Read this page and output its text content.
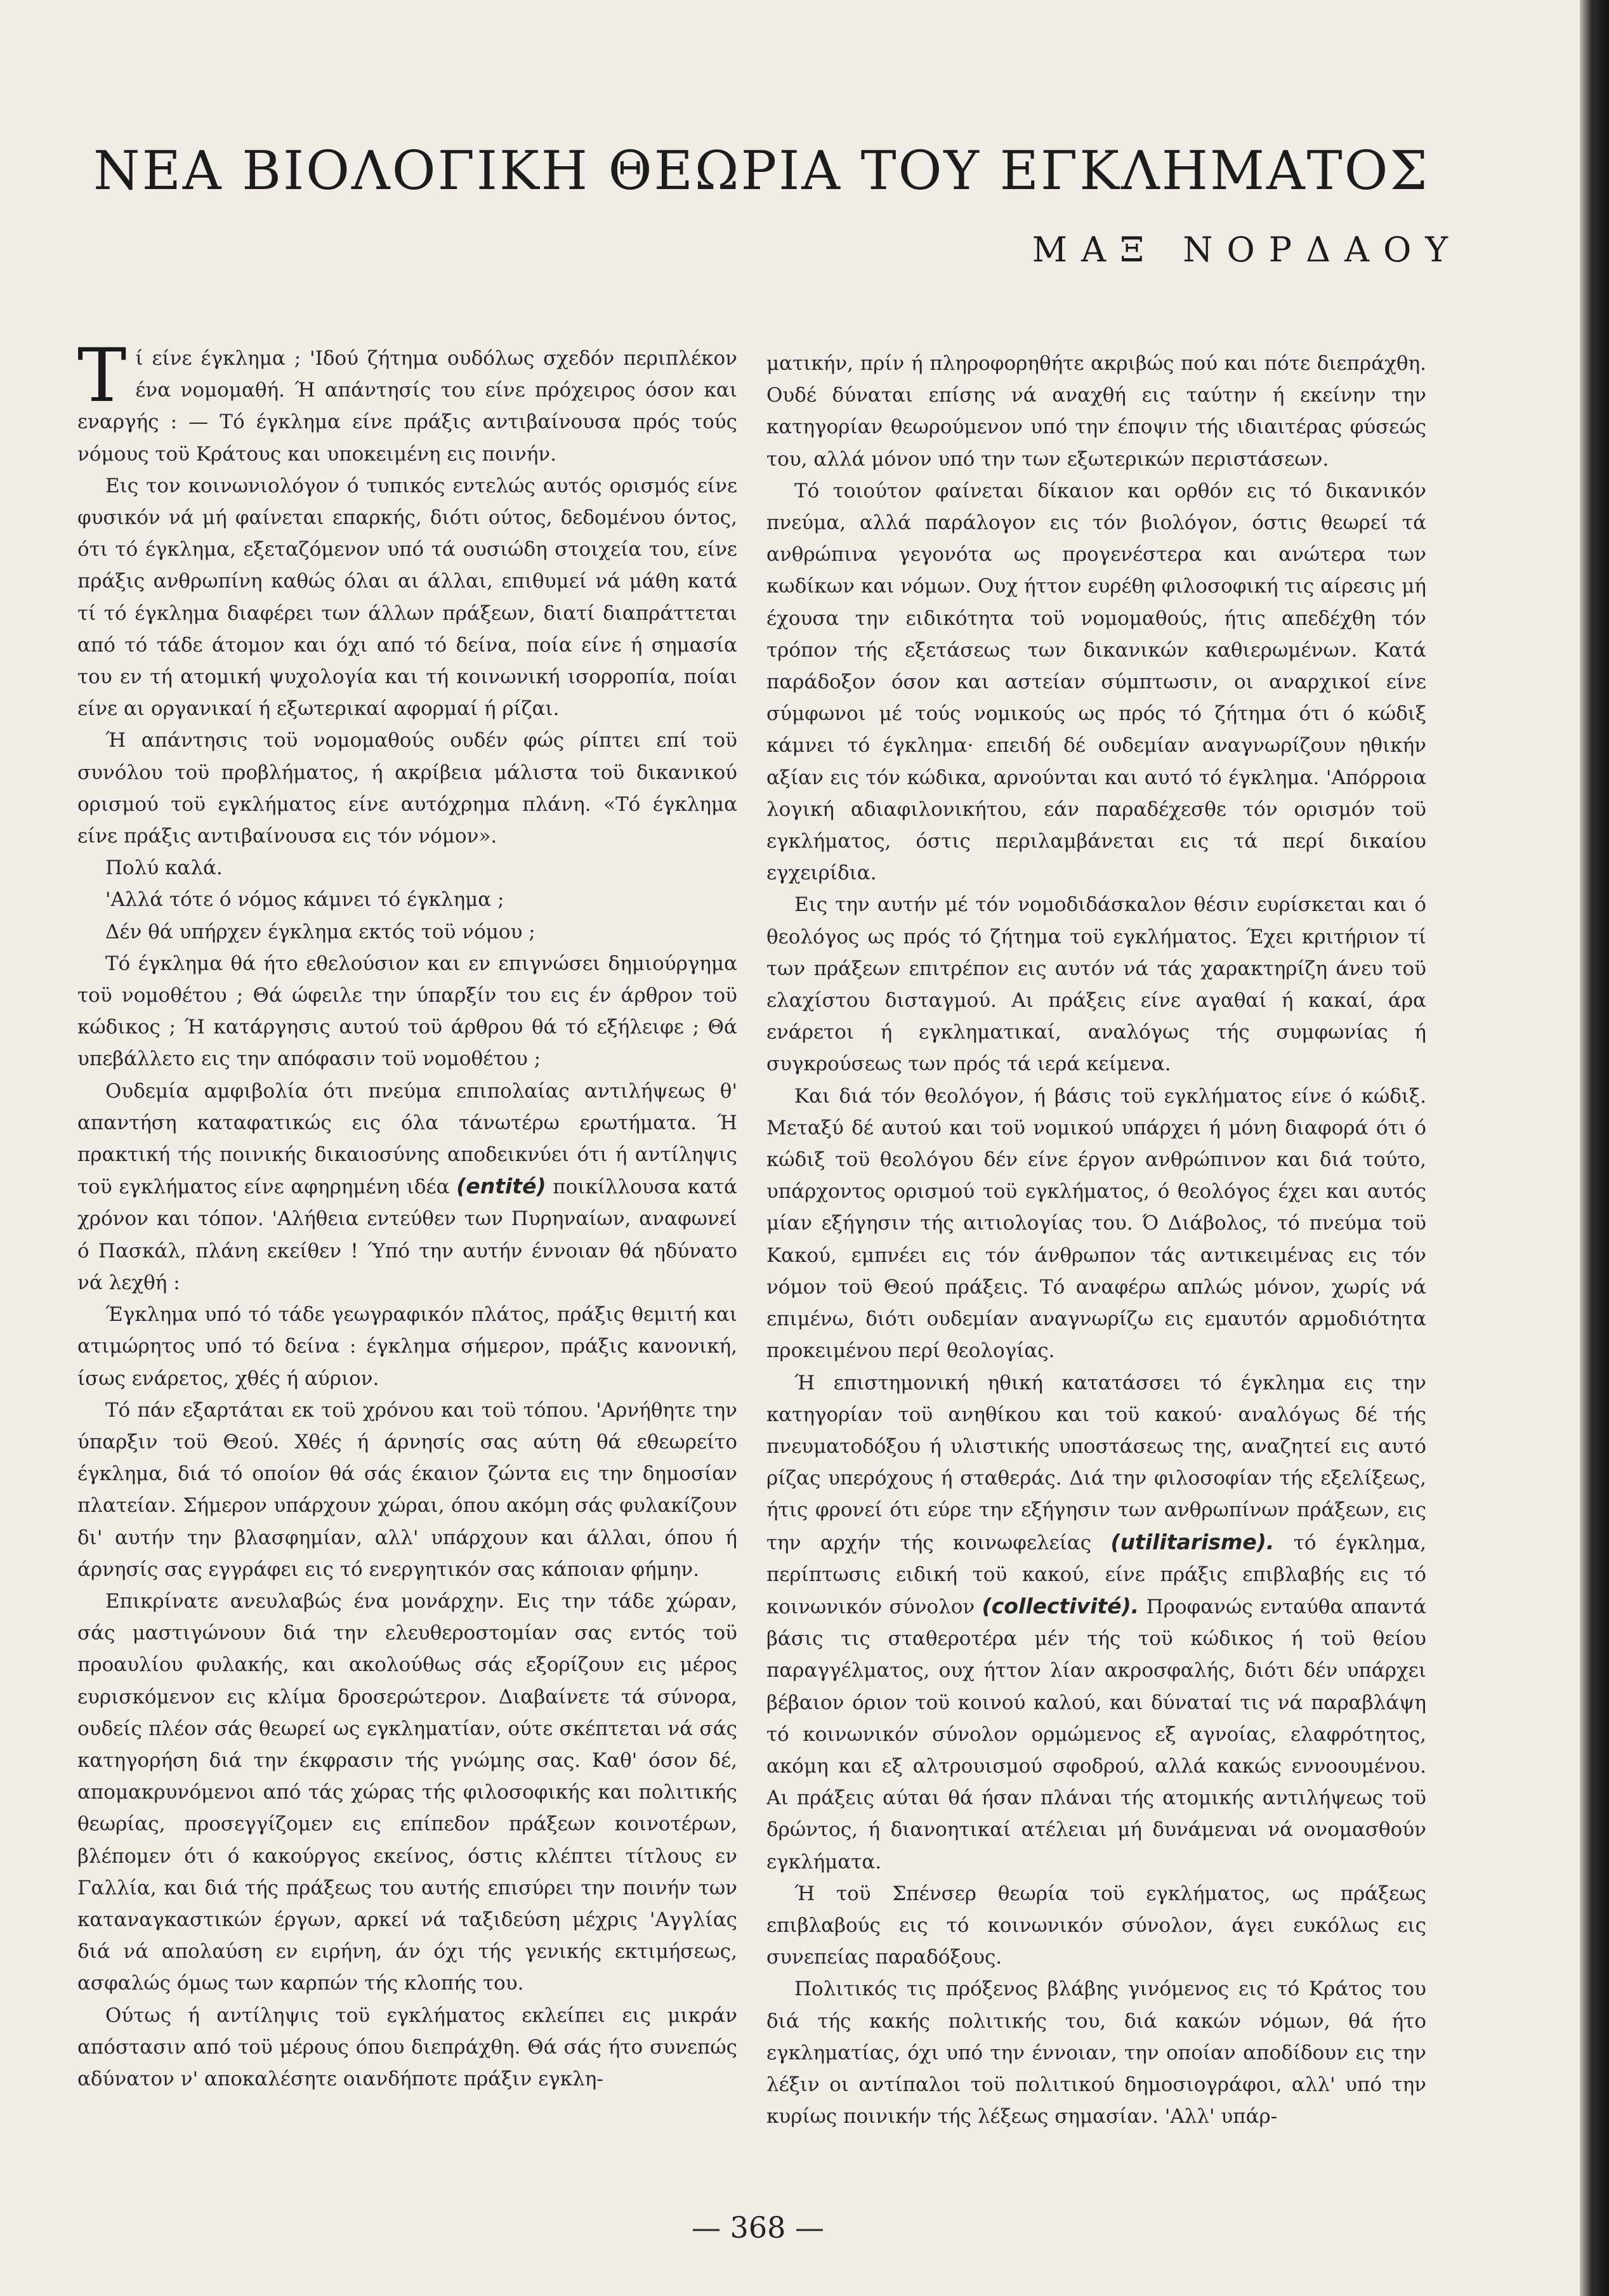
ΝΕΑ ΒΙΟΛΟΓΙΚΗ ΘΕΩΡΙΑ ΤΟΥ ΕΓΚΛΗΜΑΤΟΣ
ΜΑΞ ΝΟΡΔΑΟΥ

Τί είνε έγκλημα ; 'Ιδού ζήτημα ουδόλως σχεδόν περιπλέκον ένα νομομαθή. Ή απάντησίς του είνε πρόχειρος όσον και εναργής : — Τό έγκλημα είνε πράξις αντιβαίνουσα πρός τούς νόμους τοϋ Κράτους και υποκειμένη εις ποινήν.

Εις τον κοινωνιολόγον ό τυπικός εντελώς αυτός ορισμός είνε φυσικόν νά μή φαίνεται επαρκής, διότι ούτος, δεδομένου όντος, ότι τό έγκλημα, εξεταζόμενον υπό τά ουσιώδη στοιχεία του, είνε πράξις ανθρωπίνη καθώς όλαι αι άλλαι, επιθυμεί νά μάθη κατά τί τό έγκλημα διαφέρει των άλλων πράξεων, διατί διαπράττεται από τό τάδε άτομον και όχι από τό δείνα, ποία είνε ή σημασία του εν τή ατομική ψυχολογία και τή κοινωνική ισορροπία, ποίαι είνε αι οργανικαί ή εξωτερικαί αφορμαί ή ρίζαι.

Ή απάντησις τοϋ νομομαθούς ουδέν φώς ρίπτει επί τοϋ συνόλου τοϋ προβλήματος, ή ακρίβεια μάλιστα τοϋ δικανικού ορισμού τοϋ εγκλήματος είνε αυτόχρημα πλάνη. «Τό έγκλημα είνε πράξις αντιβαίνουσα εις τόν νόμον».

Πολύ καλά.

'Αλλά τότε ό νόμος κάμνει τό έγκλημα ;

Δέν θά υπήρχεν έγκλημα εκτός τοϋ νόμου ;

Τό έγκλημα θά ήτο εθελούσιον και εν επιγνώσει δημιούργημα τοϋ νομοθέτου ; Θά ώφειλε την ύπαρξίν του εις έν άρθρον τοϋ κώδικος ; Ή κατάργησις αυτού τοϋ άρθρου θά τό εξήλειφε ; Θά υπεβάλλετο εις την απόφασιν τοϋ νομοθέτου ;

Ουδεμία αμφιβολία ότι πνεύμα επιπολαίας αντιλήψεως θ' απαντήση καταφατικώς εις όλα τάνωτέρω ερωτήματα. Ή πρακτική τής ποινικής δικαιοσύνης αποδεικνύει ότι ή αντίληψις τοϋ εγκλήματος είνε αφηρημένη ιδέα (entité) ποικίλλουσα κατά χρόνον και τόπον. 'Αλήθεια εντεύθεν των Πυρηναίων, αναφωνεί ό Πασκάλ, πλάνη εκείθεν ! Ύπό την αυτήν έννοιαν θά ηδύνατο νά λεχθή :

Έγκλημα υπό τό τάδε γεωγραφικόν πλάτος, πράξις θεμιτή και ατιμώρητος υπό τό δείνα : έγκλημα σήμερον, πράξις κανονική, ίσως ενάρετος, χθές ή αύριον.

Τό πάν εξαρτάται εκ τοϋ χρόνου και τοϋ τόπου. 'Αρνήθητε την ύπαρξιν τοϋ Θεού. Χθές ή άρνησίς σας αύτη θά εθεωρείτο έγκλημα, διά τό οποίον θά σάς έκαιον ζώντα εις την δημοσίαν πλατείαν. Σήμερον υπάρχουν χώραι, όπου ακόμη σάς φυλακίζουν δι' αυτήν την βλασφημίαν, αλλ' υπάρχουν και άλλαι, όπου ή άρνησίς σας εγγράφει εις τό ενεργητικόν σας κάποιαν φήμην.

Επικρίνατε ανευλαβώς ένα μονάρχην. Εις την τάδε χώραν, σάς μαστιγώνουν διά την ελευθεροστομίαν σας εντός τοϋ προαυλίου φυλακής, και ακολούθως σάς εξορίζουν εις μέρος ευρισκόμενον εις κλίμα δροσερώτερον. Διαβαίνετε τά σύνορα, ουδείς πλέον σάς θεωρεί ως εγκληματίαν, ούτε σκέπτεται νά σάς κατηγορήση διά την έκφρασιν τής γνώμης σας. Καθ' όσον δέ, απομακρυνόμενοι από τάς χώρας τής φιλοσοφικής και πολιτικής θεωρίας, προσεγγίζομεν εις επίπεδον πράξεων κοινοτέρων, βλέπομεν ότι ό κακούργος εκείνος, όστις κλέπτει τίτλους εν Γαλλία, και διά τής πράξεως του αυτής επισύρει την ποινήν των καταναγκαστικών έργων, αρκεί νά ταξιδεύση μέχρις 'Αγγλίας διά νά απολαύση εν ειρήνη, άν όχι τής γενικής εκτιμήσεως, ασφαλώς όμως των καρπών τής κλοπής του.

Ούτως ή αντίληψις τοϋ εγκλήματος εκλείπει εις μικράν απόστασιν από τοϋ μέρους όπου διεπράχθη. Θά σάς ήτο συνεπώς αδύνατον ν' αποκαλέσητε οιανδήποτε πράξιν εγκλη-

ματικήν, πρίν ή πληροφορηθήτε ακριβώς πού και πότε διεπράχθη. Ουδέ δύναται επίσης νά αναχθή εις ταύτην ή εκείνην την κατηγορίαν θεωρούμενον υπό την έποψιν τής ιδιαιτέρας φύσεώς του, αλλά μόνον υπό την των εξωτερικών περιστάσεων.

Τό τοιούτον φαίνεται δίκαιον και ορθόν εις τό δικανικόν πνεύμα, αλλά παράλογον εις τόν βιολόγον, όστις θεωρεί τά ανθρώπινα γεγονότα ως προγενέστερα και ανώτερα των κωδίκων και νόμων. Ουχ ήττον ευρέθη φιλοσοφική τις αίρεσις μή έχουσα την ειδικότητα τοϋ νομομαθούς, ήτις απεδέχθη τόν τρόπον τής εξετάσεως των δικανικών καθιερωμένων. Κατά παράδοξον όσον και αστείαν σύμπτωσιν, οι αναρχικοί είνε σύμφωνοι μέ τούς νομικούς ως πρός τό ζήτημα ότι ό κώδιξ κάμνει τό έγκλημα· επειδή δέ ουδεμίαν αναγνωρίζουν ηθικήν αξίαν εις τόν κώδικα, αρνούνται και αυτό τό έγκλημα. 'Απόρροια λογική αδιαφιλονικήτου, εάν παραδέχεσθε τόν ορισμόν τοϋ εγκλήματος, όστις περιλαμβάνεται εις τά περί δικαίου εγχειρίδια.

Εις την αυτήν μέ τόν νομοδιδάσκαλον θέσιν ευρίσκεται και ό θεολόγος ως πρός τό ζήτημα τοϋ εγκλήματος. Έχει κριτήριον τί των πράξεων επιτρέπον εις αυτόν νά τάς χαρακτηρίζη άνευ τοϋ ελαχίστου δισταγμού. Αι πράξεις είνε αγαθαί ή κακαί, άρα ενάρετοι ή εγκληματικαί, αναλόγως τής συμφωνίας ή συγκρούσεως των πρός τά ιερά κείμενα.

Και διά τόν θεολόγον, ή βάσις τοϋ εγκλήματος είνε ό κώδιξ. Μεταξύ δέ αυτού και τοϋ νομικού υπάρχει ή μόνη διαφορά ότι ό κώδιξ τοϋ θεολόγου δέν είνε έργον ανθρώπινον και διά τούτο, υπάρχοντος ορισμού τοϋ εγκλήματος, ό θεολόγος έχει και αυτός μίαν εξήγησιν τής αιτιολογίας του. Ό Διάβολος, τό πνεύμα τοϋ Κακού, εμπνέει εις τόν άνθρωπον τάς αντικειμένας εις τόν νόμον τοϋ Θεού πράξεις. Τό αναφέρω απλώς μόνον, χωρίς νά επιμένω, διότι ουδεμίαν αναγνωρίζω εις εμαυτόν αρμοδιότητα προκειμένου περί θεολογίας.

Ή επιστημονική ηθική κατατάσσει τό έγκλημα εις την κατηγορίαν τοϋ ανηθίκου και τοϋ κακού· αναλόγως δέ τής πνευματοδόξου ή υλιστικής υποστάσεως της, αναζητεί εις αυτό ρίζας υπερόχους ή σταθεράς. Διά την φιλοσοφίαν τής εξελίξεως, ήτις φρονεί ότι εύρε την εξήγησιν των ανθρωπίνων πράξεων, εις την αρχήν τής κοινωφελείας (utilitarisme). τό έγκλημα, περίπτωσις ειδική τοϋ κακού, είνε πράξις επιβλαβής εις τό κοινωνικόν σύνολον (collectivité). Προφανώς ενταύθα απαντά βάσις τις σταθεροτέρα μέν τής τοϋ κώδικος ή τοϋ θείου παραγγέλματος, ουχ ήττον λίαν ακροσφαλής, διότι δέν υπάρχει βέβαιον όριον τοϋ κοινού καλού, και δύναταί τις νά παραβλάψη τό κοινωνικόν σύνολον ορμώμενος εξ αγνοίας, ελαφρότητος, ακόμη και εξ αλτρουισμού σφοδρού, αλλά κακώς εννοουμένου. Αι πράξεις αύται θά ήσαν πλάναι τής ατομικής αντιλήψεως τοϋ δρώντος, ή διανοητικαί ατέλειαι μή δυνάμεναι νά ονομασθούν εγκλήματα.

Ή τοϋ Σπένσερ θεωρία τοϋ εγκλήματος, ως πράξεως επιβλαβούς εις τό κοινωνικόν σύνολον, άγει ευκόλως εις συνεπείας παραδόξους.

Πολιτικός τις πρόξενος βλάβης γινόμενος εις τό Κράτος του διά τής κακής πολιτικής του, διά κακών νόμων, θά ήτο εγκληματίας, όχι υπό την έννοιαν, την οποίαν αποδίδουν εις την λέξιν οι αντίπαλοι τοϋ πολιτικού δημοσιογράφοι, αλλ' υπό την κυρίως ποινικήν τής λέξεως σημασίαν. 'Αλλ' υπάρ-

— 368 —
